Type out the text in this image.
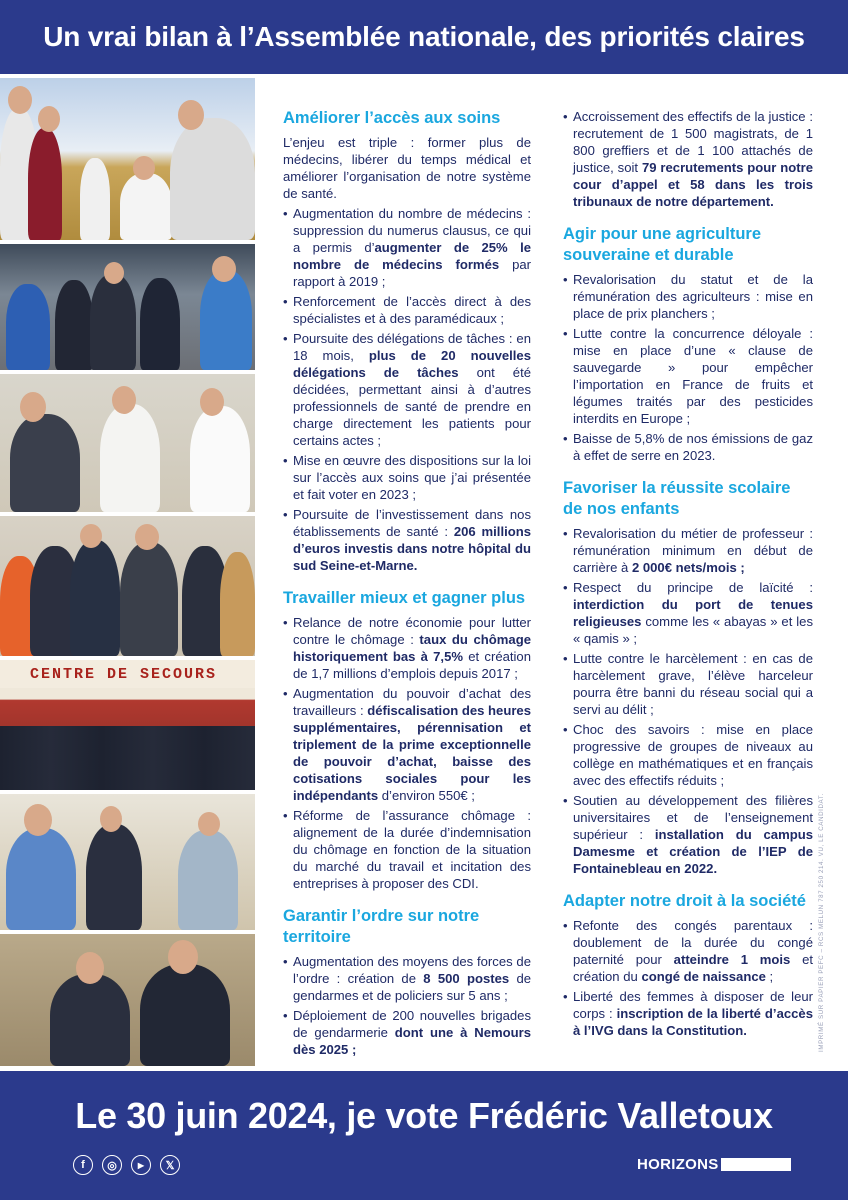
Un vrai bilan à l’Assemblée nationale, des priorités claires
CENTRE DE SECOURS
Améliorer l’accès aux soins

L’enjeu est triple : former plus de médecins, libérer du temps médical et améliorer l’organisation de notre système de santé.

• Augmentation du nombre de médecins : suppression du numerus clausus, ce qui a permis d’augmenter de 25% le nombre de médecins formés par rapport à 2019 ;
• Renforcement de l’accès direct à des spécialistes et à des paramédicaux ;
• Poursuite des délégations de tâches : en 18 mois, plus de 20 nouvelles délégations de tâches ont été décidées, permettant ainsi à d’autres professionnels de santé de prendre en charge directement les patients pour certains actes ;
• Mise en œuvre des dispositions sur la loi sur l’accès aux soins que j’ai présentée et fait voter en 2023 ;
• Poursuite de l’investissement dans nos établissements de santé : 206 millions d’euros investis dans notre hôpital du sud Seine-et-Marne.
Travailler mieux et gagner plus
• Relance de notre économie pour lutter contre le chômage : taux du chômage historiquement bas à 7,5% et création de 1,7 millions d’emplois depuis 2017 ;
• Augmentation du pouvoir d’achat des travailleurs : défiscalisation des heures supplémentaires, pérennisation et triplement de la prime exceptionnelle de pouvoir d’achat, baisse des cotisations sociales pour les indépendants d’environ 550€ ;
• Réforme de l’assurance chômage : alignement de la durée d’indemnisation du chômage en fonction de la situation du marché du travail et incitation des entreprises à proposer des CDI.
Garantir l’ordre sur notre territoire
• Augmentation des moyens des forces de l’ordre : création de 8 500 postes de gendarmes et de policiers sur 5 ans ;
• Déploiement de 200 nouvelles brigades de gendarmerie dont une à Nemours dès 2025 ;
• Accroissement des effectifs de la justice : recrutement de 1 500 magistrats, de 1 800 greffiers et de 1 100 attachés de justice, soit 79 recrutements pour notre cour d’appel et 58 dans les trois tribunaux de notre département.
Agir pour une agriculture souveraine et durable
• Revalorisation du statut et de la rémunération des agriculteurs : mise en place de prix planchers ;
• Lutte contre la concurrence déloyale : mise en place d’une « clause de sauvegarde » pour empêcher l’importation en France de fruits et légumes traités par des pesticides interdits en Europe ;
• Baisse de 5,8% de nos émissions de gaz à effet de serre en 2023.
Favoriser la réussite scolaire de nos enfants
• Revalorisation du métier de professeur : rémunération minimum en début de carrière à 2 000€ nets/mois ;
• Respect du principe de laïcité : interdiction du port de tenues religieuses comme les « abayas » et les « qamis » ;
• Lutte contre le harcèlement : en cas de harcèlement grave, l’élève harceleur pourra être banni du réseau social qui a servi au délit ;
• Choc des savoirs : mise en place progressive de groupes de niveaux au collège en mathématiques et en français avec des effectifs réduits ;
• Soutien au développement des filières universitaires et de l’enseignement supérieur : installation du campus Damesme et création de l’IEP de Fontainebleau en 2022.
Adapter notre droit à la société
• Refonte des congés parentaux : doublement de la durée du congé paternité pour atteindre 1 mois et création du congé de naissance ;
• Liberté des femmes à disposer de leur corps : inscription de la liberté d’accès à l’IVG dans la Constitution.	IMPRIMÉ SUR PAPIER PEFC – RCS MELUN 787 250 214. VU, LE CANDIDAT.
Le 30 juin 2024, je vote Frédéric Valletoux
f	◎	▶	𝕏	HORIZONS
